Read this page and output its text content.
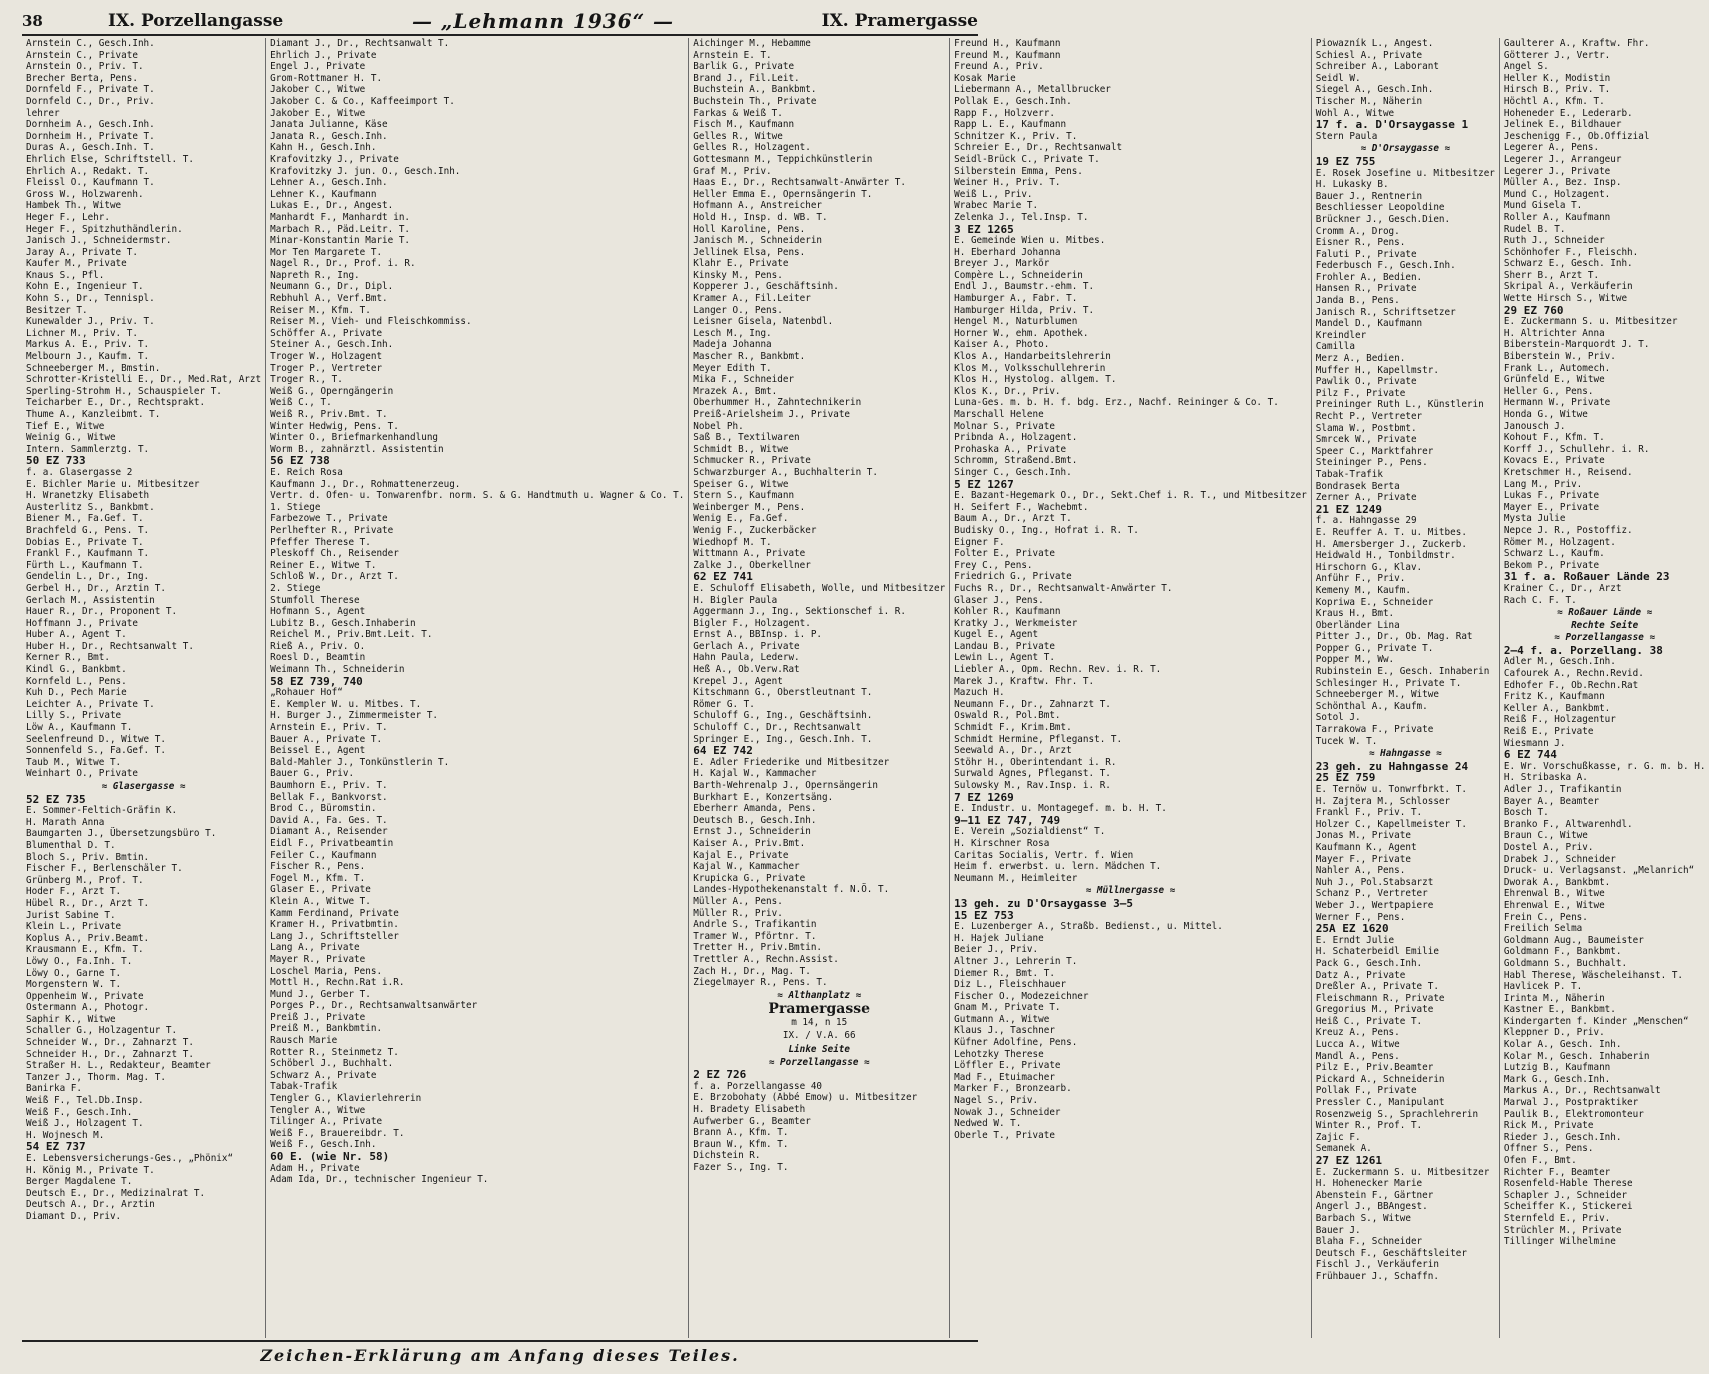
38	IX. Porzellangasse	— „Lehmann 1936“ —	IX. Pramergasse
Arnstein C., Gesch.Inh.
Arnstein C., Private
Arnstein O., Priv. T.
Brecher Berta, Pens.
Dornfeld F., Private T.
Dornfeld C., Dr., Priv.
lehrer
Dornheim A., Gesch.Inh.
Dornheim H., Private T.
Duras A., Gesch.Inh. T.
Ehrlich Else, Schriftstell. T.
Ehrlich A., Redakt. T.
Fleissl O., Kaufmann T.
Gross W., Holzwarenh.
Hambek Th., Witwe
Heger F., Lehr.
Heger F., Spitzhuthändlerin.
Janisch J., Schneidermstr.
Jaray A., Private T.
Kaufer M., Private
Knaus S., Pfl.
Kohn E., Ingenieur T.
Kohn S., Dr., Tennispl.
Besitzer T.
Kunewalder J., Priv. T.
Lichner M., Priv. T.
Markus A. E., Priv. T.
Melbourn J., Kaufm. T.
Schneeberger M., Bmstin.
Schrotter-Kristelli E., Dr., Med.Rat, Arzt
Sperling-Strohm H., Schauspieler T.
Teicharber E., Dr., Rechtsprakt.
Thume A., Kanzleibmt. T.
Tief E., Witwe
Weinig G., Witwe
Intern. Sammlerztg. T.
50 EZ 733
f. a. Glasergasse 2
E. Bichler Marie u. Mitbesitzer
H. Wranetzky Elisabeth
Austerlitz S., Bankbmt.
Biener M., Fa.Gef. T.
Brachfeld G., Pens. T.
Dobias E., Private T.
Frankl F., Kaufmann T.
Fürth L., Kaufmann T.
Gendelin L., Dr., Ing.
Gerbel H., Dr., Arztin T.
Gerlach M., Assistentin
Hauer R., Dr., Proponent T.
Hoffmann J., Private
Huber A., Agent T.
Huber H., Dr., Rechtsanwalt T.
Kerner R., Bmt.
Kindl G., Bankbmt.
Kornfeld L., Pens.
Kuh D., Pech Marie
Leichter A., Private T.
Lilly S., Private
Löw A., Kaufmann T.
Seelenfreund D., Witwe T.
Sonnenfeld S., Fa.Gef. T.
Taub M., Witwe T.
Weinhart O., Private
≈ Glasergasse ≈
52 EZ 735
E. Sommer-Feltich-Gräfin K.
H. Marath Anna
Baumgarten J., Übersetzungsbüro T.
Blumenthal D. T.
Bloch S., Priv. Bmtin.
Fischer F., Berlenschäler T.
Grünberg M., Prof. T.
Hoder F., Arzt T.
Hübel R., Dr., Arzt T.
Jurist Sabine T.
Klein L., Private
Koplus A., Priv.Beamt.
Krausmann E., Kfm. T.
Löwy O., Fa.Inh. T.
Löwy O., Garne T.
Morgenstern W. T.
Oppenheim W., Private
Ostermann A., Photogr.
Saphir K., Witwe
Schaller G., Holzagentur T.
Schneider W., Dr., Zahnarzt T.
Schneider H., Dr., Zahnarzt T.
Straßer H. L., Redakteur, Beamter
Tanzer J., Thorm. Mag. T.
Banirka F.
Weiß F., Tel.Db.Insp.
Weiß F., Gesch.Inh.
Weiß J., Holzagent T.
H. Wojnesch M.
54 EZ 737
E. Lebensversicherungs-Ges., „Phönix“
H. König M., Private T.
Berger Magdalene T.
Deutsch E., Dr., Medizinalrat T.
Deutsch A., Dr., Arztin
Diamant D., Priv.
Diamant J., Dr., Rechtsanwalt T.
Ehrlich J., Private
Engel J., Private
Grom-Rottmaner H. T.
Jakober C., Witwe
Jakober C. & Co., Kaffeeimport T.
Jakober E., Witwe
Janata Julianne, Käse
Janata R., Gesch.Inh.
Kahn H., Gesch.Inh.
Krafovitzky J., Private
Krafovitzky J. jun. O., Gesch.Inh.
Lehner A., Gesch.Inh.
Lehner K., Kaufmann
Lukas E., Dr., Angest.
Manhardt F., Manhardt in.
Marbach R., Päd.Leitr. T.
Minar-Konstantin Marie T.
Mor Ten Margarete T.
Nagel R., Dr., Prof. i. R.
Napreth R., Ing.
Neumann G., Dr., Dipl.
Rebhuhl A., Verf.Bmt.
Reiser M., Kfm. T.
Reiser M., Vieh- und Fleischkommiss.
Schöffer A., Private
Steiner A., Gesch.Inh.
Troger W., Holzagent
Troger P., Vertreter
Troger R., T.
Weiß G., Operngängerin
Weiß C., T.
Weiß R., Priv.Bmt. T.
Winter Hedwig, Pens. T.
Winter O., Briefmarkenhandlung
Worm B., zahnärztl. Assistentin
56 EZ 738
E. Reich Rosa
Kaufmann J., Dr., Rohmattenerzeug.
Vertr. d. Ofen- u. Tonwarenfbr. norm. S. & G. Handtmuth u. Wagner & Co. T.
1. Stiege
Farbezowe T., Private
Perlhefter R., Private
Pfeffer Therese T.
Pleskoff Ch., Reisender
Reiner E., Witwe T.
Schloß W., Dr., Arzt T.
2. Stiege
Stumfoll Therese
Hofmann S., Agent
Lubitz B., Gesch.Inhaberin
Reichel M., Priv.Bmt.Leit. T.
Rieß A., Priv. O.
Roesl D., Beamtin
Weimann Th., Schneiderin
58 EZ 739, 740
„Rohauer Hof“
E. Kempler W. u. Mitbes. T.
H. Burger J., Zimmermeister T.
Arnstein E., Priv. T.
Bauer A., Private T.
Beissel E., Agent
Bald-Mahler J., Tonkünstlerin T.
Bauer G., Priv.
Baumhorn E., Priv. T.
Bellak F., Bankvorst.
Brod C., Büromstin.
David A., Fa. Ges. T.
Diamant A., Reisender
Eidl F., Privatbeamtin
Feiler C., Kaufmann
Fischer R., Pens.
Fogel M., Kfm. T.
Glaser E., Private
Klein A., Witwe T.
Kamm Ferdinand, Private
Kramer H., Privatbmtin.
Lang J., Schriftsteller
Lang A., Private
Mayer R., Private
Loschel Maria, Pens.
Mottl H., Rechn.Rat i.R.
Mund J., Gerber T.
Porges P., Dr., Rechtsanwaltsanwärter
Preiß J., Private
Preiß M., Bankbmtin.
Rausch Marie
Rotter R., Steinmetz T.
Schöberl J., Buchhalt.
Schwarz A., Private
Tabak-Trafik
Tengler G., Klavierlehrerin
Tengler A., Witwe
Tilinger A., Private
Weiß F., Brauereibdr. T.
Weiß F., Gesch.Inh.
60 E. (wie Nr. 58)
Adam H., Private
Adam Ida, Dr., technischer Ingenieur T.
Aichinger M., Hebamme
Arnstein E. T.
Barlik G., Private
Brand J., Fil.Leit.
Buchstein A., Bankbmt.
Buchstein Th., Private
Farkas & Weiß T.
Fisch M., Kaufmann
Gelles R., Witwe
Gelles R., Holzagent.
Gottesmann M., Teppichkünstlerin
Graf M., Priv.
Haas E., Dr., Rechtsanwalt-Anwärter T.
Heller Emma E., Opernsängerin T.
Hofmann A., Anstreicher
Hold H., Insp. d. WB. T.
Holl Karoline, Pens.
Janisch M., Schneiderin
Jellinek Elsa, Pens.
Klahr E., Private
Kinsky M., Pens.
Kopperer J., Geschäftsinh.
Kramer A., Fil.Leiter
Langer O., Pens.
Leisner Gisela, Natenbdl.
Lesch M., Ing.
Madeja Johanna
Mascher R., Bankbmt.
Meyer Edith T.
Mika F., Schneider
Mrazek A., Bmt.
Oberhummer H., Zahntechnikerin
Preiß-Arielsheim J., Private
Nobel Ph.
Saß B., Textilwaren
Schmidt B., Witwe
Schmucker R., Private
Schwarzburger A., Buchhalterin T.
Speiser G., Witwe
Stern S., Kaufmann
Weinberger M., Pens.
Wenig E., Fa.Gef.
Wenig F., Zuckerbäcker
Wiedhopf M. T.
Wittmann A., Private
Zalke J., Oberkellner
62 EZ 741
E. Schuloff Elisabeth, Wolle, und Mitbesitzer
H. Bigler Paula
Aggermann J., Ing., Sektionschef i. R.
Bigler F., Holzagent.
Ernst A., BBInsp. i. P.
Gerlach A., Private
Hahn Paula, Lederw.
Heß A., Ob.Verw.Rat
Krepel J., Agent
Kitschmann G., Oberstleutnant T.
Römer G. T.
Schuloff G., Ing., Geschäftsinh.
Schuloff C., Dr., Rechtsanwalt
Springer E., Ing., Gesch.Inh. T.
64 EZ 742
E. Adler Friederike und Mitbesitzer
H. Kajal W., Kammacher
Barth-Wehrenalp J., Opernsängerin
Burkhart E., Konzertsäng.
Eberherr Amanda, Pens.
Deutsch B., Gesch.Inh.
Ernst J., Schneiderin
Kaiser A., Priv.Bmt.
Kajal E., Private
Kajal W., Kammacher
Krupicka G., Private
Landes-Hypothekenanstalt f. N.Ö. T.
Müller A., Pens.
Müller R., Priv.
Andrle S., Trafikantin
Tramer W., Pförtnr. T.
Tretter H., Priv.Bmtin.
Trettler A., Rechn.Assist.
Zach H., Dr., Mag. T.
Ziegelmayer R., Pens. T.
≈ Althanplatz ≈
Pramergasse
m 14, n 15
IX. / V.A. 66
Linke Seite
≈ Porzellangasse ≈
2 EZ 726
f. a. Porzellangasse 40
E. Brzobohaty (Abbé Emow) u. Mitbesitzer
H. Bradety Elisabeth
Aufwerber G., Beamter
Brann A., Kfm. T.
Braun W., Kfm. T.
Dichstein R.
Fazer S., Ing. T.
Freund H., Kaufmann
Freund M., Kaufmann
Freund A., Priv.
Kosak Marie
Liebermann A., Metallbrucker
Pollak E., Gesch.Inh.
Rapp F., Holzverr.
Rapp L. E., Kaufmann
Schnitzer K., Priv. T.
Schreier E., Dr., Rechtsanwalt
Seidl-Brück C., Private T.
Silberstein Emma, Pens.
Weiner H., Priv. T.
Weiß L., Priv.
Wrabec Marie T.
Zelenka J., Tel.Insp. T.
3 EZ 1265
E. Gemeinde Wien u. Mitbes.
H. Eberhard Johanna
Breyer J., Markör
Compère L., Schneiderin
Endl J., Baumstr.-ehm. T.
Hamburger A., Fabr. T.
Hamburger Hilda, Priv. T.
Hengel M., Naturblumen
Horner W., ehm. Apothek.
Kaiser A., Photo.
Klos A., Handarbeitslehrerin
Klos M., Volksschullehrerin
Klos H., Hystolog. allgem. T.
Klos K., Dr., Priv.
Luna-Ges. m. b. H. f. bdg. Erz., Nachf. Reininger & Co. T.
Marschall Helene
Molnar S., Private
Pribnda A., Holzagent.
Prohaska A., Private
Schromm, Straßend.Bmt.
Singer C., Gesch.Inh.
5 EZ 1267
E. Bazant-Hegemark O., Dr., Sekt.Chef i. R. T., und Mitbesitzer
H. Seifert F., Wachebmt.
Baum A., Dr., Arzt T.
Budisky O., Ing., Hofrat i. R. T.
Eigner F.
Folter E., Private
Frey C., Pens.
Friedrich G., Private
Fuchs R., Dr., Rechtsanwalt-Anwärter T.
Glaser J., Pens.
Kohler R., Kaufmann
Kratky J., Werkmeister
Kugel E., Agent
Landau B., Private
Lewin L., Agent T.
Liebler A., Opm. Rechn. Rev. i. R. T.
Marek J., Kraftw. Fhr. T.
Mazuch H.
Neumann F., Dr., Zahnarzt T.
Oswald R., Pol.Bmt.
Schmidt F., Krim.Bmt.
Schmidt Hermine, Pfleganst. T.
Seewald A., Dr., Arzt
Stöhr H., Oberintendant i. R.
Surwald Agnes, Pfleganst. T.
Sulowsky M., Rav.Insp. i. R.
7 EZ 1269
E. Industr. u. Montagegef. m. b. H. T.
9–11 EZ 747, 749
E. Verein „Sozialdienst“ T.
H. Kirschner Rosa
Caritas Socialis, Vertr. f. Wien
Heim f. erwerbst. u. lern. Mädchen T.
Neumann M., Heimleiter
≈ Müllnergasse ≈
13 geh. zu D'Orsaygasse 3–5
15 EZ 753
E. Luzenberger A., Straßb. Bedienst., u. Mittel.
H. Hajek Juliane
Beier J., Priv.
Altner J., Lehrerin T.
Diemer R., Bmt. T.
Diz L., Fleischhauer
Fischer O., Modezeichner
Gnam M., Private T.
Gutmann A., Witwe
Klaus J., Taschner
Küfner Adolfine, Pens.
Lehotzky Therese
Löffler E., Private
Mad F., Etuimacher
Marker F., Bronzearb.
Nagel S., Priv.
Nowak J., Schneider
Nedwed W. T.
Oberle T., Private
Piowazník L., Angest.
Schiesl A., Private
Schreiber A., Laborant
Seidl W.
Siegel A., Gesch.Inh.
Tischer M., Näherin
Wohl A., Witwe
17 f. a. D'Orsaygasse 1
Stern Paula
≈ D'Orsaygasse ≈
19 EZ 755
E. Rosek Josefine u. Mitbesitzer
H. Lukasky B.
Bauer J., Rentnerin
Beschliesser Leopoldine
Brückner J., Gesch.Dien.
Cromm A., Drog.
Eisner R., Pens.
Faluti P., Private
Federbusch F., Gesch.Inh.
Frohler A., Bedien.
Hansen R., Private
Janda B., Pens.
Janisch R., Schriftsetzer
Mandel D., Kaufmann
Kreindler
Camilla
Merz A., Bedien.
Muffer H., Kapellmstr.
Pawlik O., Private
Pilz F., Private
Preininger Ruth L., Künstlerin
Recht P., Vertreter
Slama W., Postbmt.
Smrcek W., Private
Speer C., Marktfahrer
Steininger P., Pens.
Tabak-Trafik
Bondrasek Berta
Zerner A., Private
21 EZ 1249
f. a. Hahngasse 29
E. Reuffer A. T. u. Mitbes.
H. Amersberger J., Zuckerb.
Heidwald H., Tonbildmstr.
Hirschorn G., Klav.
Anführ F., Priv.
Kemeny M., Kaufm.
Kopriwa E., Schneider
Kraus H., Bmt.
Oberländer Lina
Pitter J., Dr., Ob. Mag. Rat
Popper G., Private T.
Popper M., Ww.
Rubinstein E., Gesch. Inhaberin
Schlesinger H., Private T.
Schneeberger M., Witwe
Schönthal A., Kaufm.
Sotol J.
Tarrakowa F., Private
Tucek W. T.
≈ Hahngasse ≈
23 geh. zu Hahngasse 24
25 EZ 759
E. Ternöw u. Tonwrfbrkt. T.
H. Zajtera M., Schlosser
Frankl F., Priv. T.
Holzer C., Kapellmeister T.
Jonas M., Private
Kaufmann K., Agent
Mayer F., Private
Nahler A., Pens.
Nuh J., Pol.Stabsarzt
Schanz P., Vertreter
Weber J., Wertpapiere
Werner F., Pens.
25A EZ 1620
E. Erndt Julie
H. Schaterbeidl Emilie
Pack G., Gesch.Inh.
Datz A., Private
Dreßler A., Private T.
Fleischmann R., Private
Gregorius M., Private
Heiß C., Private T.
Kreuz A., Pens.
Lucca A., Witwe
Mandl A., Pens.
Pilz E., Priv.Beamter
Pickard A., Schneiderin
Pollak F., Private
Pressler C., Manipulant
Rosenzweig S., Sprachlehrerin
Winter R., Prof. T.
Zajic F.
Semanek A.
27 EZ 1261
E. Zuckermann S. u. Mitbesitzer
H. Hohenecker Marie
Abenstein F., Gärtner
Angerl J., BBAngest.
Barbach S., Witwe
Bauer J.
Blaha F., Schneider
Deutsch F., Geschäftsleiter
Fischl J., Verkäuferin
Frühbauer J., Schaffn.
Gaulterer A., Kraftw. Fhr.
Götterer J., Vertr.
Angel S.
Heller K., Modistin
Hirsch B., Priv. T.
Höchtl A., Kfm. T.
Hoheneder E., Lederarb.
Jelinek E., Bildhauer
Jeschenigg F., Ob.Offizial
Legerer A., Pens.
Legerer J., Arrangeur
Legerer J., Private
Müller A., Bez. Insp.
Mund C., Holzagent.
Mund Gisela T.
Roller A., Kaufmann
Rudel B. T.
Ruth J., Schneider
Schönhofer F., Fleischh.
Schwarz E., Gesch. Inh.
Sherr B., Arzt T.
Skripal A., Verkäuferin
Wette Hirsch S., Witwe
29 EZ 760
E. Zuckermann S. u. Mitbesitzer
H. Altrichter Anna
Biberstein-Marquordt J. T.
Biberstein W., Priv.
Frank L., Automech.
Grünfeld E., Witwe
Heller G., Pens.
Hermann W., Private
Honda G., Witwe
Janousch J.
Kohout F., Kfm. T.
Korff J., Schullehr. i. R.
Kovacs E., Private
Kretschmer H., Reisend.
Lang M., Priv.
Lukas F., Private
Mayer E., Private
Mysta Julie
Nepce J. R., Postoffiz.
Römer M., Holzagent.
Schwarz L., Kaufm.
Bekom P., Private
31 f. a. Roßauer Lände 23
Krainer C., Dr., Arzt
Rach C. F. T.
≈ Roßauer Lände ≈
Rechte Seite
≈ Porzellangasse ≈
2–4 f. a. Porzellang. 38
Adler M., Gesch.Inh.
Cafourek A., Rechn.Revid.
Edhofer F., Ob.Rechn.Rat
Fritz K., Kaufmann
Keller A., Bankbmt.
Reiß F., Holzagentur
Reiß E., Private
Wiesmann J.
6 EZ 744
E. Wr. Vorschußkasse, r. G. m. b. H.
H. Stribaska A.
Adler J., Trafikantin
Bayer A., Beamter
Bosch T.
Branko F., Altwarenhdl.
Braun C., Witwe
Dostel A., Priv.
Drabek J., Schneider
Druck- u. Verlagsanst. „Melanrich“
Dworak A., Bankbmt.
Ehrenwal B., Witwe
Ehrenwal E., Witwe
Frein C., Pens.
Freilich Selma
Goldmann Aug., Baumeister
Goldmann F., Bankbmt.
Goldmann S., Buchhalt.
Habl Therese, Wäscheleihanst. T.
Havlicek P. T.
Irinta M., Näherin
Kastner E., Bankbmt.
Kindergarten f. Kinder „Menschen“
Kleppner D., Priv.
Kolar A., Gesch. Inh.
Kolar M., Gesch. Inhaberin
Lutzig B., Kaufmann
Mark G., Gesch.Inh.
Markus A., Dr., Rechtsanwalt
Marwal J., Postpraktiker
Paulik B., Elektromonteur
Rick M., Private
Rieder J., Gesch.Inh.
Offner S., Pens.
Ofen F., Bmt.
Richter F., Beamter
Rosenfeld-Hable Therese
Schapler J., Schneider
Scheiffer K., Stickerei
Sternfeld E., Priv.
Strüchler M., Private
Tillinger Wilhelmine
Zeichen-Erklärung am Anfang dieses Teiles.
